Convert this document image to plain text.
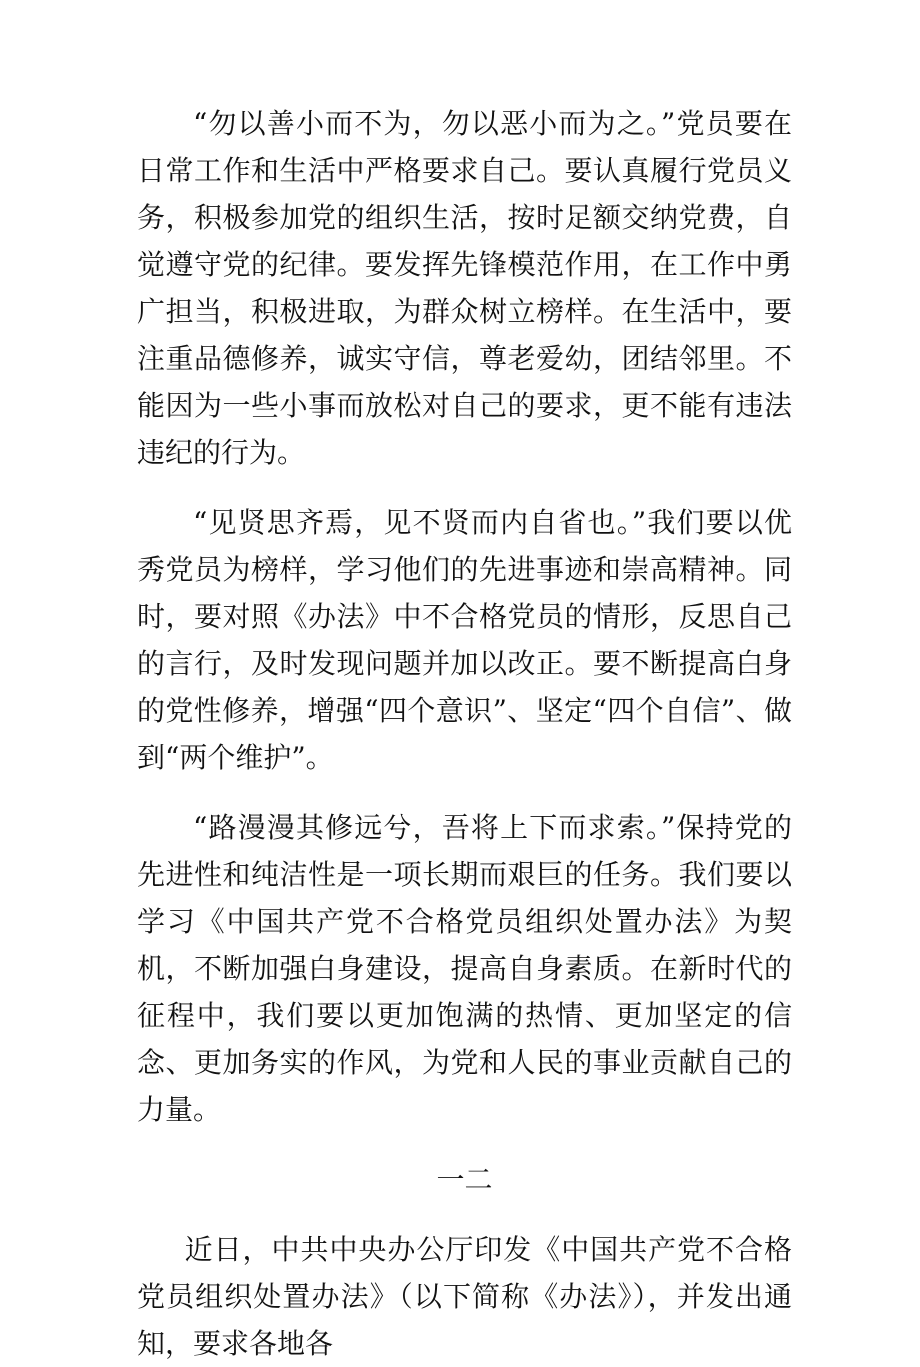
“勿以善小而不为，勿以恶小而为之。”党员要在日常工作和生活中严格要求自己。要认真履行党员义务，积极参加党的组织生活，按时足额交纳党费，自觉遵守党的纪律。要发挥先锋模范作用，在工作中勇广担当，积极进取，为群众树立榜样。在生活中，要注重品德修养，诚实守信，尊老爱幼，团结邻里。不能因为一些小事而放松对自己的要求，更不能有违法违纪的行为。

“见贤思齐焉，见不贤而内自省也。”我们要以优秀党员为榜样，学习他们的先进事迹和崇高精神。同时，要对照《办法》中不合格党员的情形，反思自己的言行，及时发现问题并加以改正。要不断提高白身的党性修养，增强“四个意识”、坚定“四个自信”、做到“两个维护”。

“路漫漫其修远兮，吾将上下而求索。”保持党的先进性和纯洁性是一项长期而艰巨的任务。我们要以学习《中国共产党不合格党员组织处置办法》为契机，不断加强白身建设，提高自身素质。在新时代的征程中，我们要以更加饱满的热情、更加坚定的信念、更加务实的作风，为党和人民的事业贡献自己的力量。

一二

近日，中共中央办公厅印发《中国共产党不合格党员组织处置办法》（以下简称《办法》），并发出通知，要求各地各
